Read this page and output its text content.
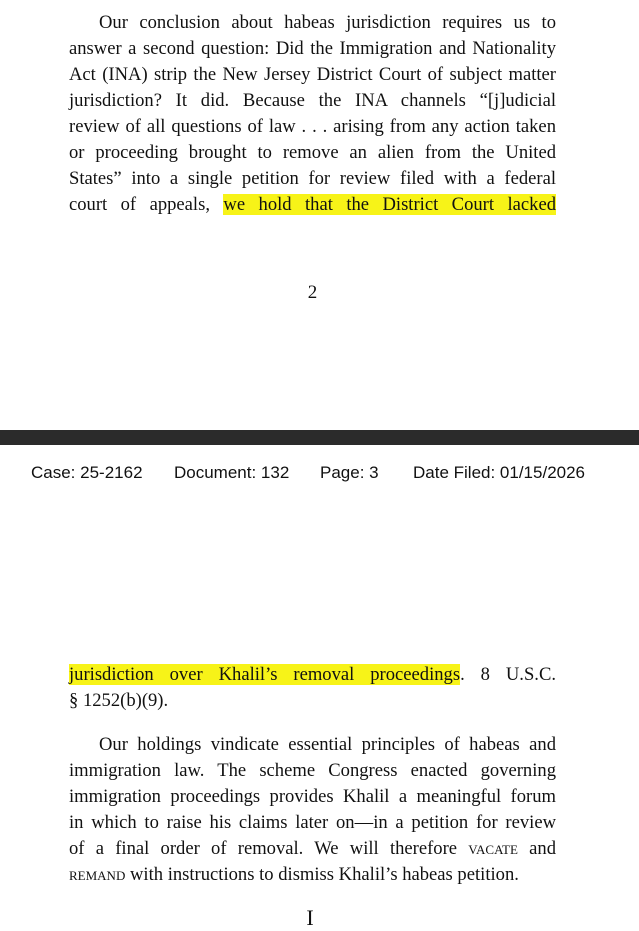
Our conclusion about habeas jurisdiction requires us to
answer a second question: Did the Immigration and Nationality
Act (INA) strip the New Jersey District Court of subject matter
jurisdiction? It did. Because the INA channels “[j]udicial
review of all questions of law . . . arising from any action taken
or proceeding brought to remove an alien from the United
States” into a single petition for review filed with a federal
court of appeals, we hold that the District Court lacked
2
Case: 25-2162 Document: 132 Page: 3 Date Filed: 01/15/2026
jurisdiction over Khalil’s removal proceedings. 8 U.S.C.
§ 1252(b)(9).
Our holdings vindicate essential principles of habeas and
immigration law. The scheme Congress enacted governing
immigration proceedings provides Khalil a meaningful forum
in which to raise his claims later on—in a petition for review
of a final order of removal. We will therefore vacate and
remand with instructions to dismiss Khalil’s habeas petition.
I
